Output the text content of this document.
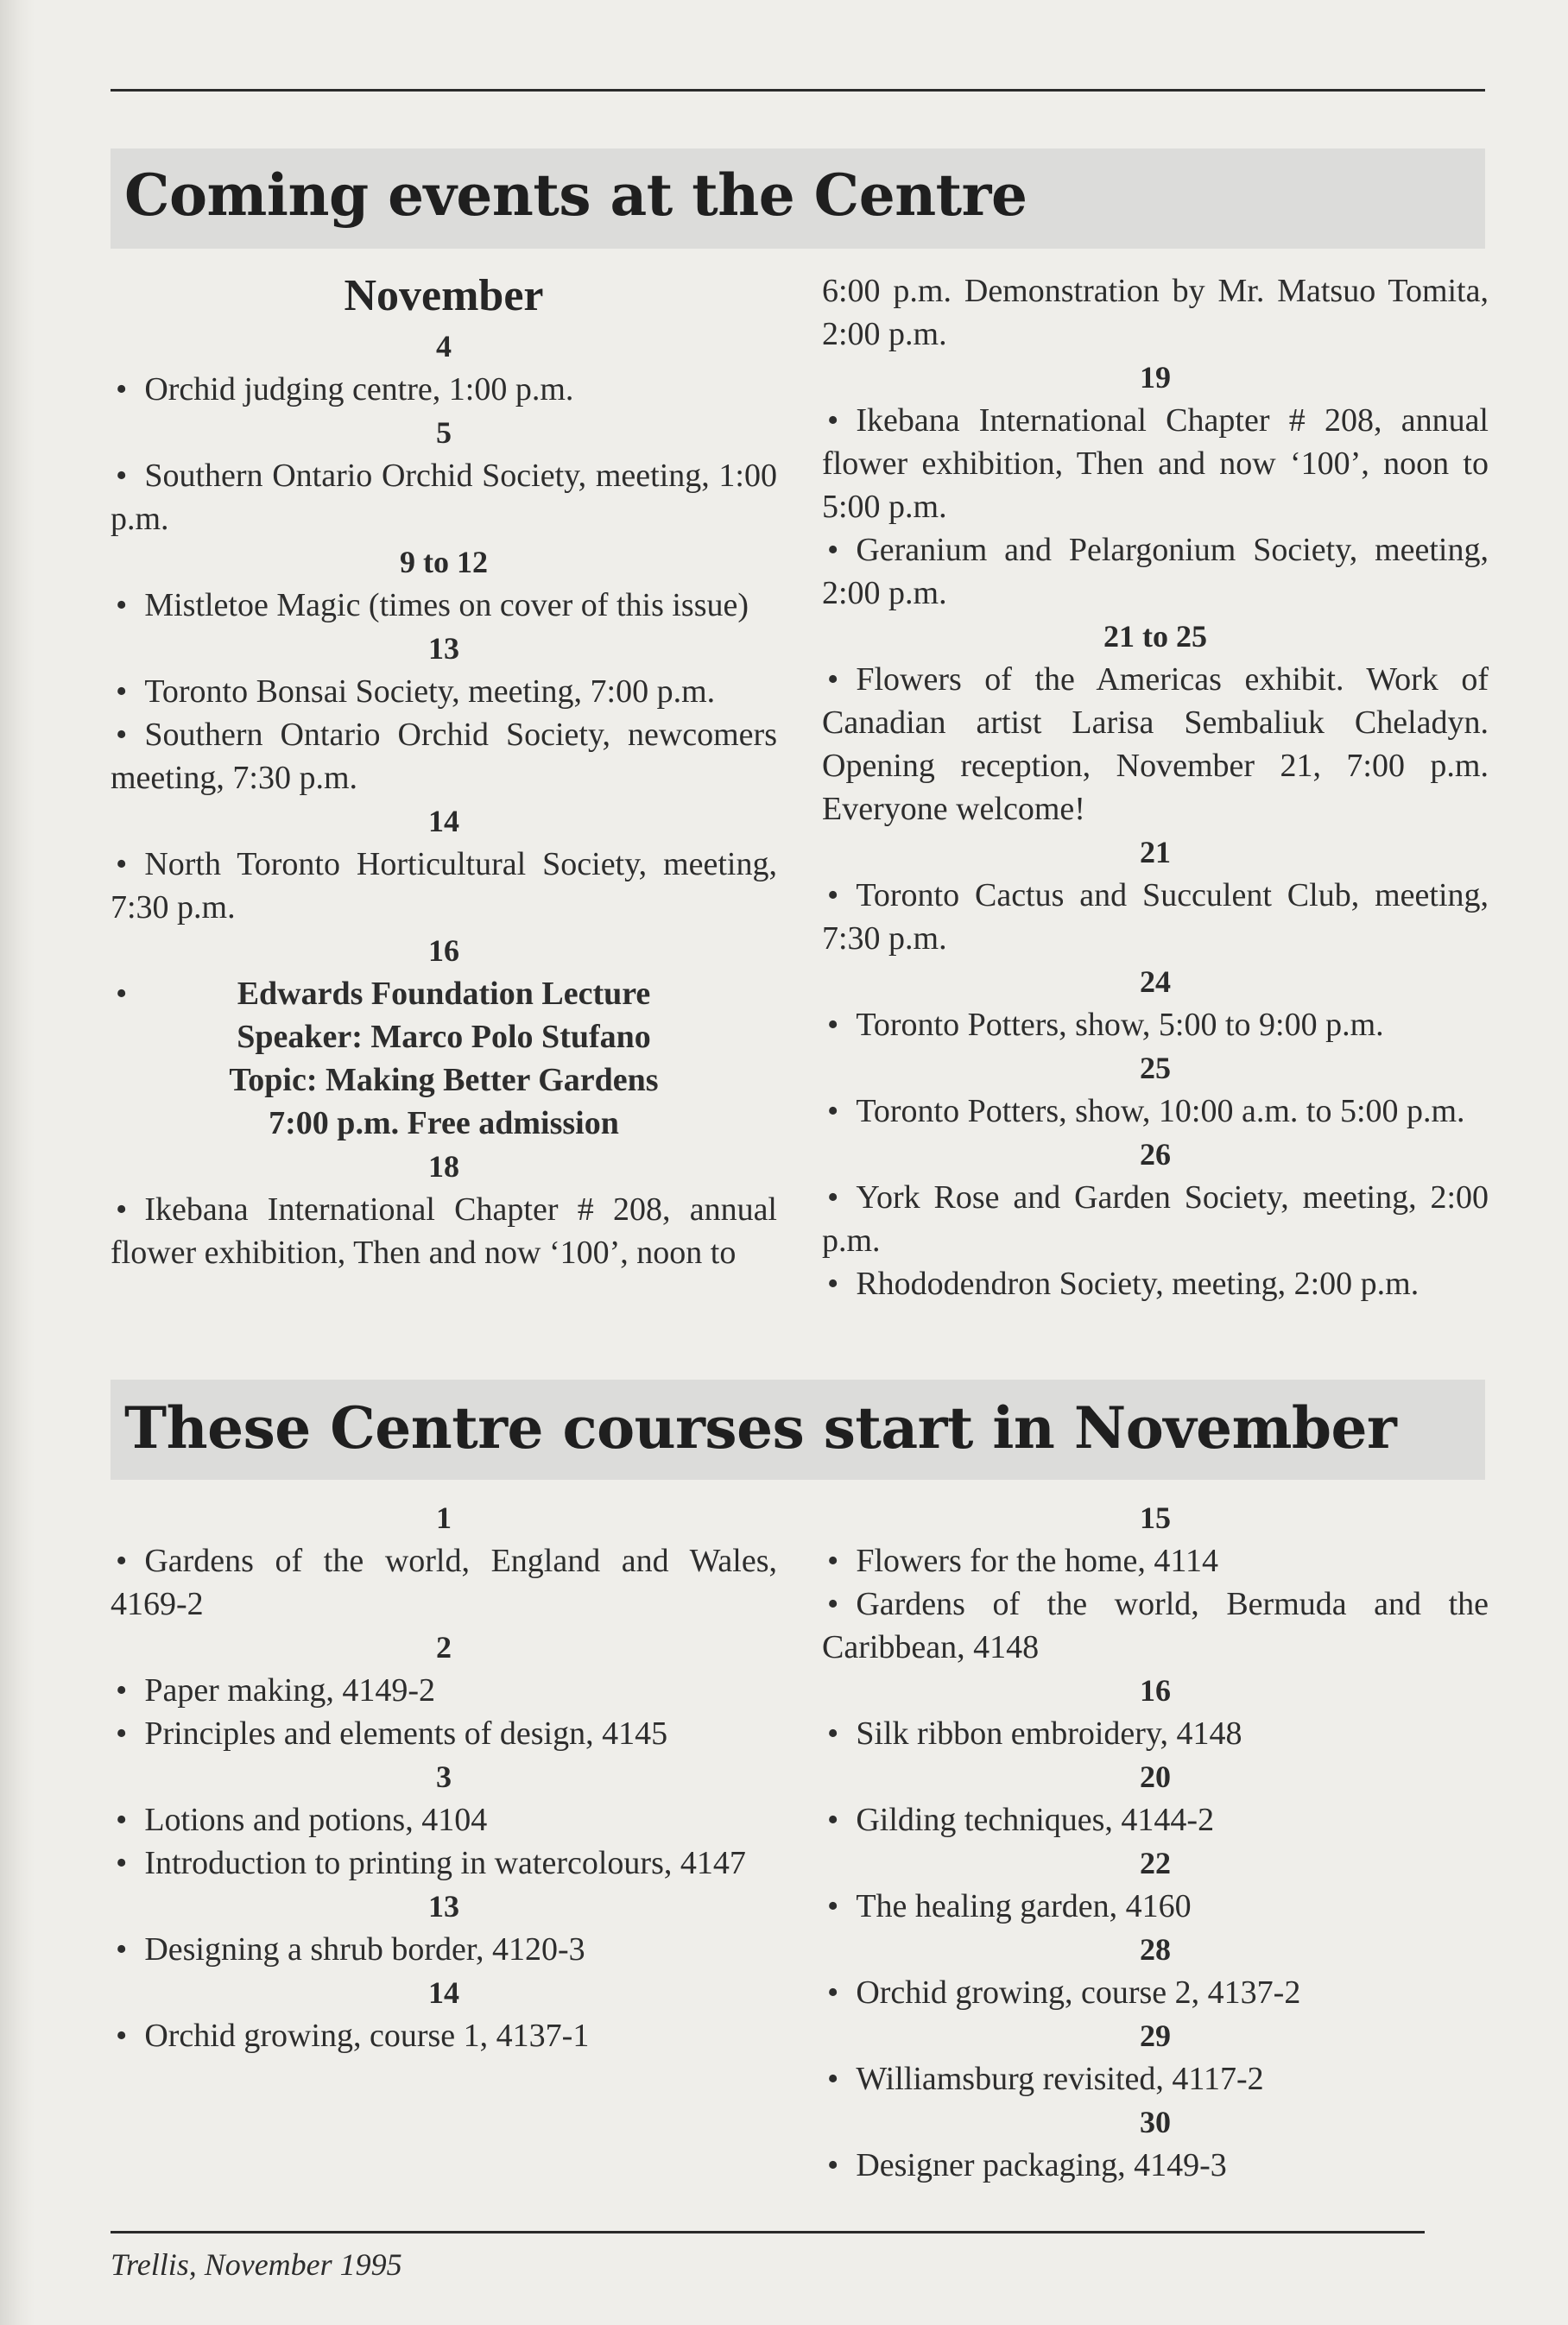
Coming events at the Centre
November
4
• Orchid judging centre, 1:00 p.m.
5
• Southern Ontario Orchid Society, meeting, 1:00 p.m.
9 to 12
• Mistletoe Magic (times on cover of this issue)
13
• Toronto Bonsai Society, meeting, 7:00 p.m.
• Southern Ontario Orchid Society, newcomers meeting, 7:30 p.m.
14
• North Toronto Horticultural Society, meeting, 7:30 p.m.
16
•	Edwards Foundation Lecture
Speaker: Marco Polo Stufano
Topic: Making Better Gardens
7:00 p.m. Free admission
18
• Ikebana International Chapter # 208, annual flower exhibition, Then and now ‘100’, noon to
6:00 p.m. Demonstration by Mr. Matsuo Tomita, 2:00 p.m.
19
• Ikebana International Chapter # 208, annual flower exhibition, Then and now ‘100’, noon to 5:00 p.m.
• Geranium and Pelargonium Society, meeting, 2:00 p.m.
21 to 25
• Flowers of the Americas exhibit. Work of Canadian artist Larisa Sembaliuk Cheladyn. Opening reception, November 21, 7:00 p.m. Everyone welcome!
21
• Toronto Cactus and Succulent Club, meeting, 7:30 p.m.
24
• Toronto Potters, show, 5:00 to 9:00 p.m.
25
• Toronto Potters, show, 10:00 a.m. to 5:00 p.m.
26
• York Rose and Garden Society, meeting, 2:00 p.m.
• Rhododendron Society, meeting, 2:00 p.m.
These Centre courses start in November
1
• Gardens of the world, England and Wales, 4169-2
2
• Paper making, 4149-2
• Principles and elements of design, 4145
3
• Lotions and potions, 4104
• Introduction to printing in watercolours, 4147
13
• Designing a shrub border, 4120-3
14
• Orchid growing, course 1, 4137-1
15
• Flowers for the home, 4114
• Gardens of the world, Bermuda and the Caribbean, 4148
16
• Silk ribbon embroidery, 4148
20
• Gilding techniques, 4144-2
22
• The healing garden, 4160
28
• Orchid growing, course 2, 4137-2
29
• Williamsburg revisited, 4117-2
30
• Designer packaging, 4149-3
Trellis, November 1995
